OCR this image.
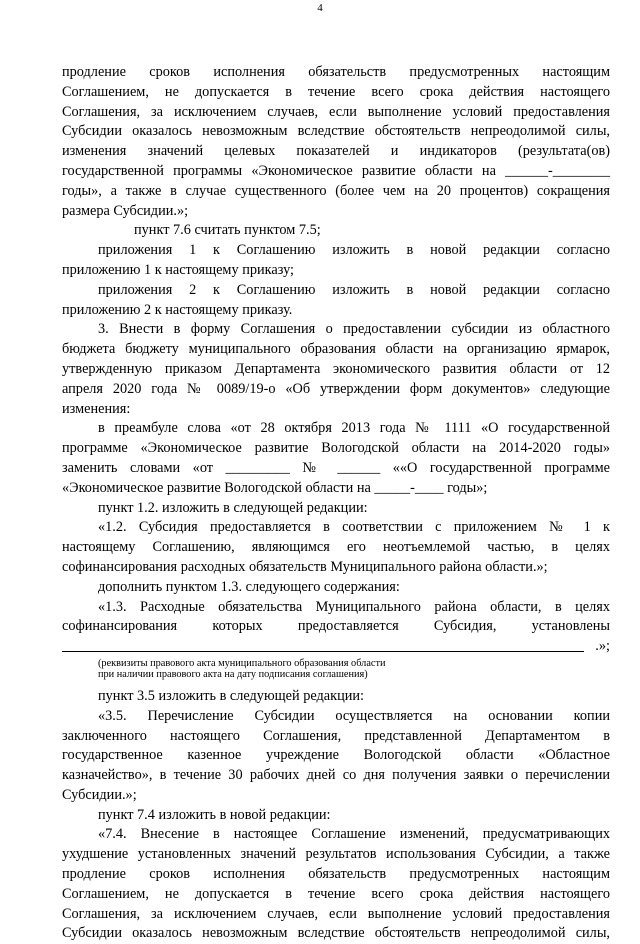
4
продление сроков исполнения обязательств предусмотренных настоящим
Соглашением, не допускается в течение всего срока действия настоящего
Соглашения, за исключением случаев, если выполнение условий предоставления
Субсидии оказалось невозможным вследствие обстоятельств непреодолимой силы,
изменения значений целевых показателей и индикаторов (результата(ов)
государственной программы «Экономическое развитие области на ______-________
годы», а также в случае существенного (более чем на 20 процентов) сокращения
размера Субсидии.»;
пункт 7.6 считать пунктом 7.5;
приложения 1 к Соглашению изложить в новой редакции согласно
приложению 1 к настоящему приказу;
приложения 2 к Соглашению изложить в новой редакции согласно
приложению 2 к настоящему приказу.
3. Внести в форму Соглашения о предоставлении субсидии из областного
бюджета бюджету муниципального образования области на организацию ярмарок,
утвержденную приказом Департамента экономического развития области от 12
апреля 2020 года № 0089/19-о «Об утверждении форм документов» следующие
изменения:
в преамбуле слова «от 28 октября 2013 года № 1111 «О государственной
программе «Экономическое развитие Вологодской области на 2014-2020 годы»
заменить словами «от _________ № ______ ««О государственной программе
«Экономическое развитие Вологодской области на _____-____ годы»;
пункт 1.2. изложить в следующей редакции:
«1.2. Субсидия предоставляется в соответствии с приложением № 1 к
настоящему Соглашению, являющимся его неотъемлемой частью, в целях
софинансирования расходных обязательств Муниципального района области.»;
дополнить пунктом 1.3. следующего содержания:
«1.3. Расходные обязательства Муниципального района области, в целях
софинансирования которых предоставляется Субсидия, установлены
.»;
(реквизиты правового акта муниципального образования области
при наличии правового акта на дату подписания соглашения)
пункт 3.5 изложить в следующей редакции:
«3.5. Перечисление Субсидии осуществляется на основании копии
заключенного настоящего Соглашения, представленной Департаментом в
государственное казенное учреждение Вологодской области «Областное
казначейство», в течение 30 рабочих дней со дня получения заявки о перечислении
Субсидии.»;
пункт 7.4 изложить в новой редакции:
«7.4. Внесение в настоящее Соглашение изменений, предусматривающих
ухудшение установленных значений результатов использования Субсидии, а также
продление сроков исполнения обязательств предусмотренных настоящим
Соглашением, не допускается в течение всего срока действия настоящего
Соглашения, за исключением случаев, если выполнение условий предоставления
Субсидии оказалось невозможным вследствие обстоятельств непреодолимой силы,
